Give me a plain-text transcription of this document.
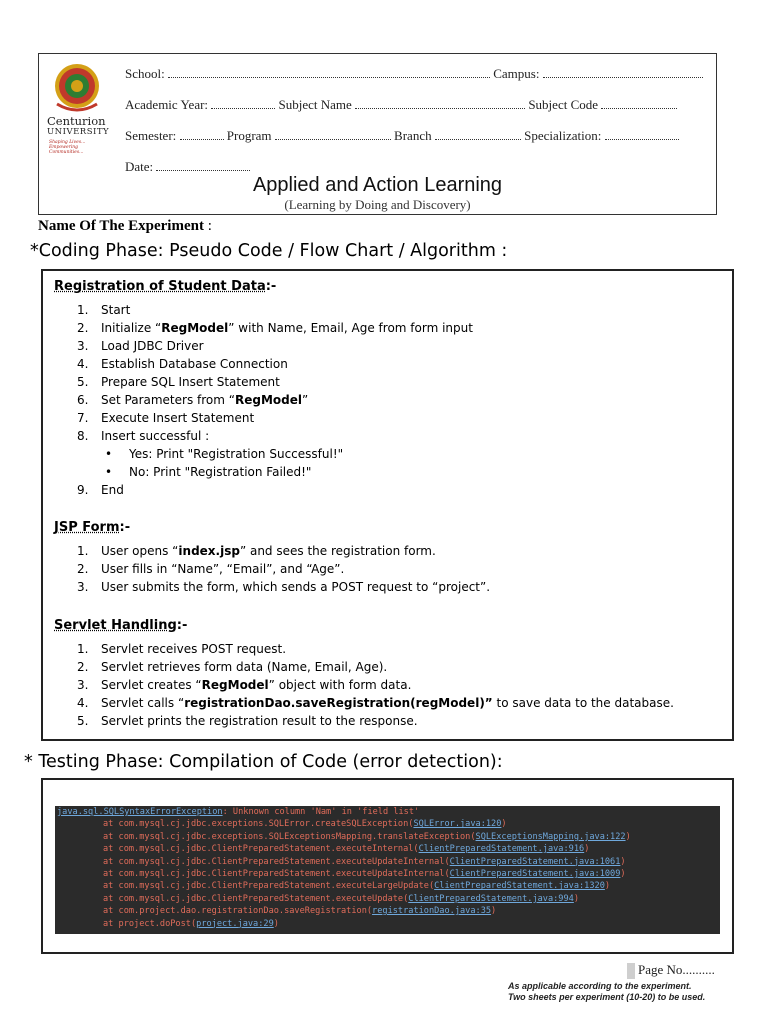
Centurion
UNIVERSITY
Shaping Lives...
Empowering Communities...
School:	Campus:
Academic Year:	Subject Name	Subject Code
Semester:	Program	Branch	Specialization:
Date:
Applied and Action Learning
(Learning by Doing and Discovery)
Name Of The Experiment :
*Coding Phase: Pseudo Code / Flow Chart / Algorithm :
Registration of Student Data:-
1. Start
2. Initialize “RegModel” with Name, Email, Age from form input
3. Load JDBC Driver
4. Establish Database Connection
5. Prepare SQL Insert Statement
6. Set Parameters from “RegModel”
7. Execute Insert Statement
8. Insert successful :
• Yes: Print "Registration Successful!"
• No: Print "Registration Failed!"
9. End
JSP Form:-
1. User opens “index.jsp” and sees the registration form.
2. User fills in “Name”, “Email”, and “Age”.
3. User submits the form, which sends a POST request to “project”.
Servlet Handling:-
1. Servlet receives POST request.
2. Servlet retrieves form data (Name, Email, Age).
3. Servlet creates “RegModel” object with form data.
4. Servlet calls “registrationDao.saveRegistration(regModel)” to save data to the database.
5. Servlet prints the registration result to the response.
* Testing Phase: Compilation of Code (error detection):
java.sql.SQLSyntaxErrorException: Unknown column 'Nam' in 'field list'
at com.mysql.cj.jdbc.exceptions.SQLError.createSQLException(SQLError.java:120)
at com.mysql.cj.jdbc.exceptions.SQLExceptionsMapping.translateException(SQLExceptionsMapping.java:122)
at com.mysql.cj.jdbc.ClientPreparedStatement.executeInternal(ClientPreparedStatement.java:916)
at com.mysql.cj.jdbc.ClientPreparedStatement.executeUpdateInternal(ClientPreparedStatement.java:1061)
at com.mysql.cj.jdbc.ClientPreparedStatement.executeUpdateInternal(ClientPreparedStatement.java:1009)
at com.mysql.cj.jdbc.ClientPreparedStatement.executeLargeUpdate(ClientPreparedStatement.java:1320)
at com.mysql.cj.jdbc.ClientPreparedStatement.executeUpdate(ClientPreparedStatement.java:994)
at com.project.dao.registrationDao.saveRegistration(registrationDao.java:35)
at project.doPost(project.java:29)
Page No..........
As applicable according to the experiment.
Two sheets per experiment (10-20) to be used.
